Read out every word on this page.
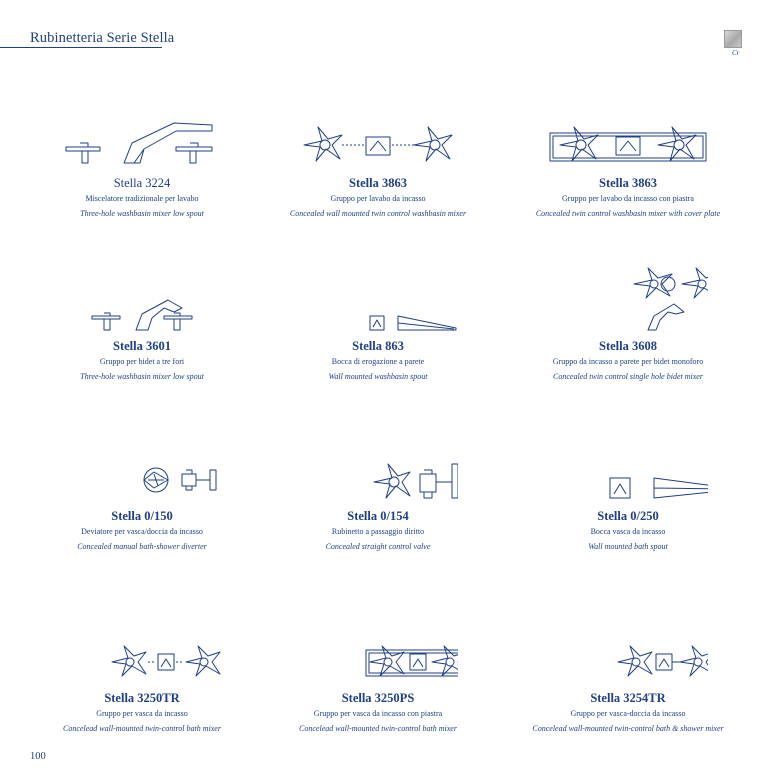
Rubinetteria Serie Stella
Cr
Stella 3224
Miscelatore tradizionale per lavabo
Three-hole washbasin mixer low spout
Stella 3863
Gruppo per lavabo da incasso
Concealed wall mounted twin control washbasin mixer
Stella 3863
Gruppo per lavabo da incasso con piastra
Concealed twin control washbasin mixer with cover plate
Stella 3601
Gruppo per bidet a tre fori
Three-hole washbasin mixer low spout
Stella 863
Bocca di erogazione a parete
Wall mounted washbasin spout
Stella 3608
Gruppo da incasso a parete per bidet monoforo
Concealed twin control single hole bidet mixer
Stella 0/150
Deviatore per vasca/doccia da incasso
Concealed manual bath-shower diverter
Stella 0/154
Rubinetto a passaggio diritto
Concealed straight control valve
Stella 0/250
Bocca vasca da incasso
Wall mounted bath spout
Stella 3250TR
Gruppo per vasca da incasso
Concelead wall-mounted twin-control bath mixer
Stella 3250PS
Gruppo per vasca da incasso con piastra
Concelead wall-mounted twin-control bath mixer
Stella 3254TR
Gruppo per vasca-doccia da incasso
Concelead wall-mounted twin-control bath & shower mixer
100
